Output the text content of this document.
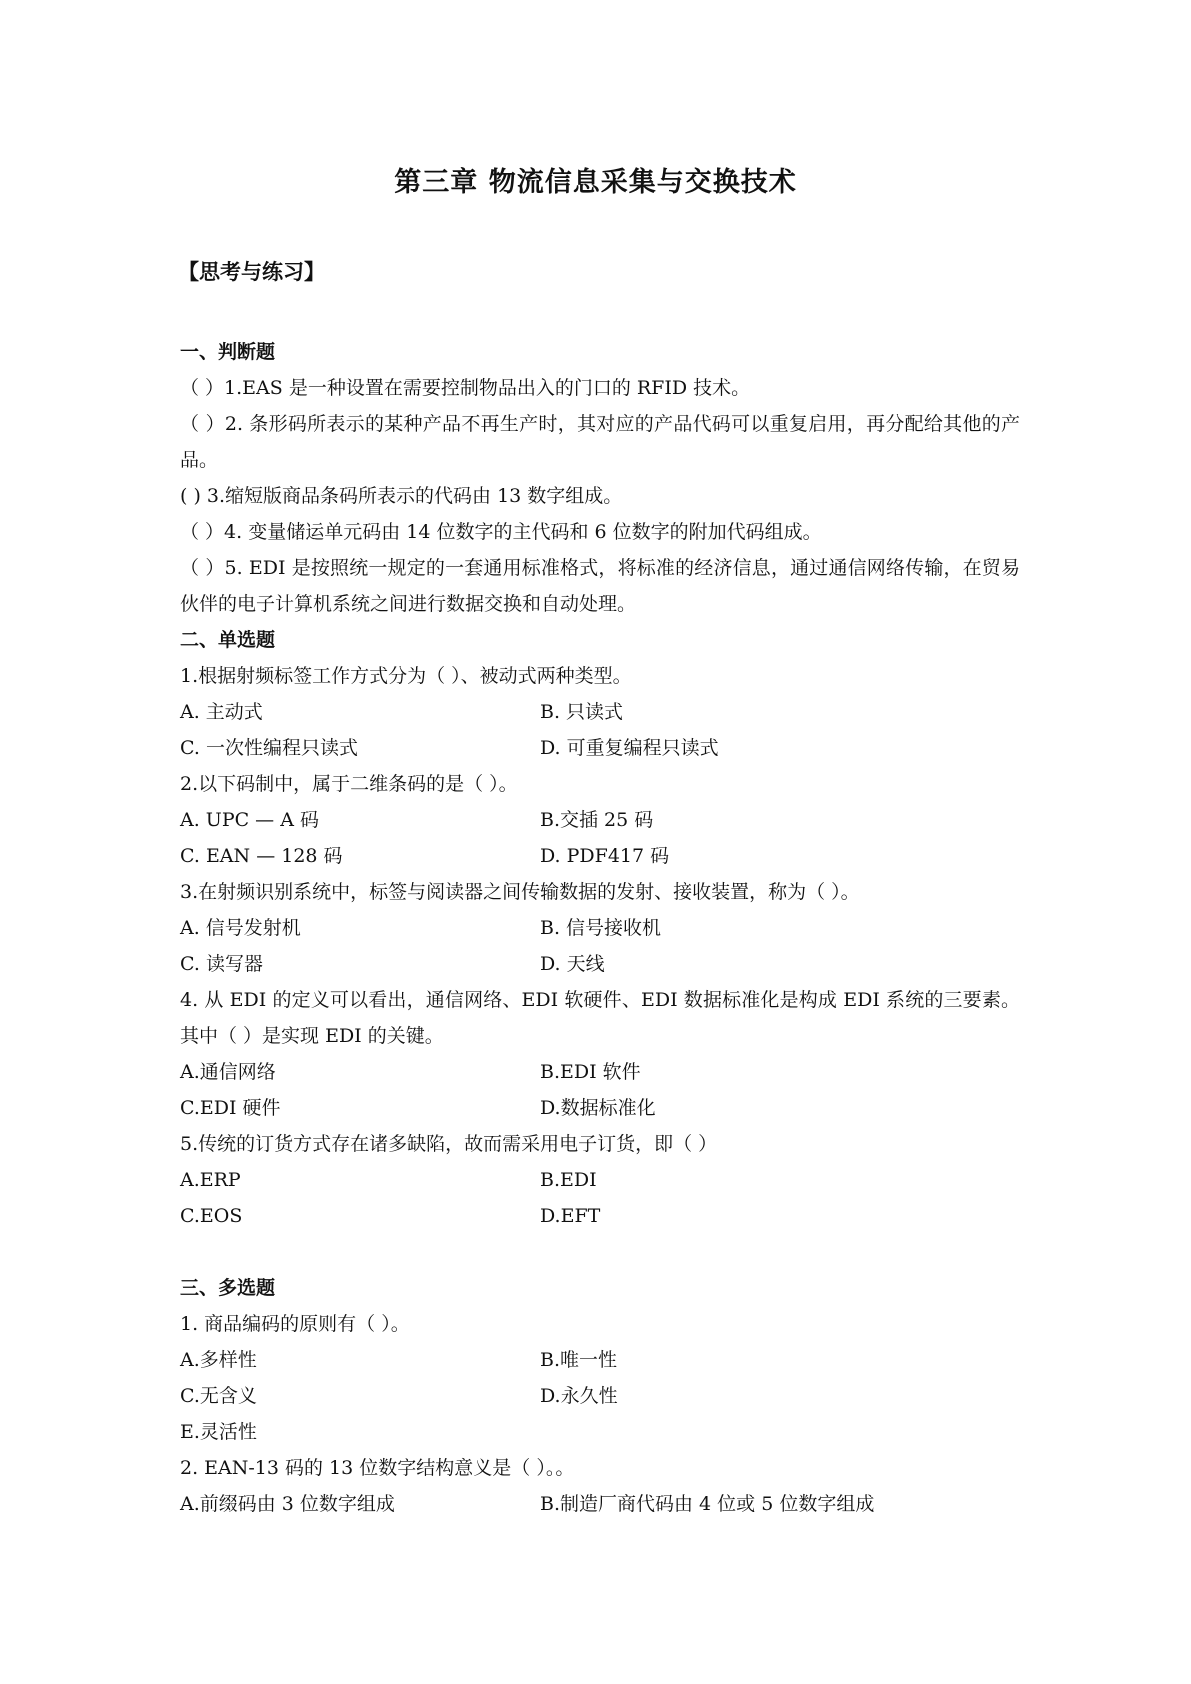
第三章 物流信息采集与交换技术
【思考与练习】
一、判断题
（ ）1.EAS 是一种设置在需要控制物品出入的门口的 RFID 技术。
（ ）2. 条形码所表示的某种产品不再生产时，其对应的产品代码可以重复启用，再分配给其他的产品。
( ) 3.缩短版商品条码所表示的代码由 13 数字组成。
（ ）4. 变量储运单元码由 14 位数字的主代码和 6 位数字的附加代码组成。
（ ）5. EDI 是按照统一规定的一套通用标准格式，将标准的经济信息，通过通信网络传输，在贸易伙伴的电子计算机系统之间进行数据交换和自动处理。
二、单选题
1.根据射频标签工作方式分为（ ）、被动式两种类型。
A. 主动式	B. 只读式
C. 一次性编程只读式	D. 可重复编程只读式
2.以下码制中，属于二维条码的是（ ）。
A. UPC — A 码	B.交插 25 码
C. EAN — 128 码	D. PDF417 码
3.在射频识别系统中，标签与阅读器之间传输数据的发射、接收装置，称为（ ）。
A. 信号发射机	B. 信号接收机
C. 读写器	D. 天线
4. 从 EDI 的定义可以看出，通信网络、EDI 软硬件、EDI 数据标准化是构成 EDI 系统的三要素。其中（ ）是实现 EDI 的关键。
A.通信网络	B.EDI 软件
C.EDI 硬件	D.数据标准化
5.传统的订货方式存在诸多缺陷，故而需采用电子订货，即（ ）
A.ERP	B.EDI
C.EOS	D.EFT
三、多选题
1. 商品编码的原则有（ ）。
A.多样性	B.唯一性
C.无含义	D.永久性
E.灵活性
2. EAN-13 码的 13 位数字结构意义是（ ）。。
A.前缀码由 3 位数字组成	B.制造厂商代码由 4 位或 5 位数字组成
